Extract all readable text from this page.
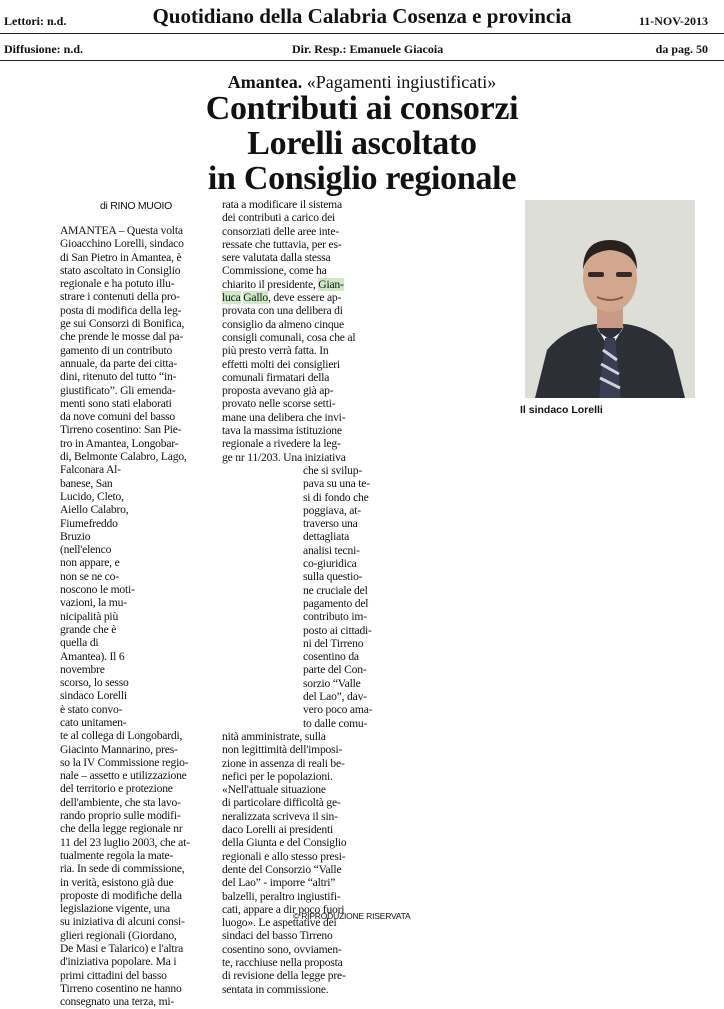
Lettori: n.d.	Quotidiano della Calabria Cosenza e provincia	11-NOV-2013
Diffusione: n.d.	Dir. Resp.: Emanuele Giacoia	da pag. 50
Amantea. «Pagamenti ingiustificati»
Contributi ai consorzi
Lorelli ascoltato
in Consiglio regionale
di RINO MUOIO
AMANTEA – Questa volta
Gioacchino Lorelli, sindaco
di San Pietro in Amantea, è
stato ascoltato in Consiglio
regionale e ha potuto illu-
strare i contenuti della pro-
posta di modifica della leg-
ge sui Consorzi di Bonifica,
che prende le mosse dal pa-
gamento di un contributo
annuale, da parte dei citta-
dini, ritenuto del tutto “in-
giustificato”. Gli emenda-
menti sono stati elaborati
da nove comuni del basso
Tirreno cosentino: San Pie-
tro in Amantea, Longobar-
di, Belmonte Calabro, Lago,
Falconara Al-
banese, San
Lucido, Cleto,
Aiello Calabro,
Fiumefreddo
Bruzio
(nell'elenco
non appare, e
non se ne co-
noscono le moti-
vazioni, la mu-
nicipalità più
grande che è
quella di
Amantea). Il 6
novembre
scorso, lo sesso
sindaco Lorelli
è stato convo-
cato unitamen-
te al collega di Longobardi,
Giacinto Mannarino, pres-
so la IV Commissione regio-
nale – assetto e utilizzazione
del territorio e protezione
dell'ambiente, che sta lavo-
rando proprio sulle modifi-
che della legge regionale nr
11 del 23 luglio 2003, che at-
tualmente regola la mate-
ria. In sede di commissione,
in verità, esistono già due
proposte di modifiche della
legislazione vigente, una
su iniziativa di alcuni consi-
glieri regionali (Giordano,
De Masi e Talarico) e l'altra
d'iniziativa popolare. Ma i
primi cittadini del basso
Tirreno cosentino ne hanno
consegnato una terza, mi-
rata a modificare il sistema
dei contributi a carico dei
consorziati delle aree inte-
ressate che tuttavia, per es-
sere valutata dalla stessa
Commissione, come ha
chiarito il presidente, Gian-
luca Gallo, deve essere ap-
provata con una delibera di
consiglio da almeno cinque
consigli comunali, cosa che al
più presto verrà fatta. In
effetti molti dei consiglieri
comunali firmatari della
proposta avevano già ap-
provato nelle scorse setti-
mane una delibera che invi-
tava la massima istituzione
regionale a rivedere la leg-
ge nr 11/203. Una iniziativa
che si svilup-
pava su una te-
si di fondo che
poggiava, at-
traverso una
dettagliata
analisi tecni-
co-giuridica
sulla questio-
ne cruciale del
pagamento del
contributo im-
posto ai cittadi-
ni del Tirreno
cosentino da
parte del Con-
sorzio “Valle
del Lao”, dav-
vero poco ama-
to dalle comu-
nità amministrate, sulla
non legittimità dell'imposi-
zione in assenza di reali be-
nefici per le popolazioni.
«Nell'attuale situazione
di particolare difficoltà ge-
neralizzata scriveva il sin-
daco Lorelli ai presidenti
della Giunta e del Consiglio
regionali e allo stesso presi-
dente del Consorzio “Valle
del Lao” - imporre “altri”
balzelli, peraltro ingiustifi-
cati, appare a dir poco fuori
luogo». Le aspettative dei
sindaci del basso Tirreno
cosentino sono, ovviamen-
te, racchiuse nella proposta
di revisione della legge pre-
sentata in commissione.
© RIPRODUZIONE RISERVATA
Il sindaco Lorelli
